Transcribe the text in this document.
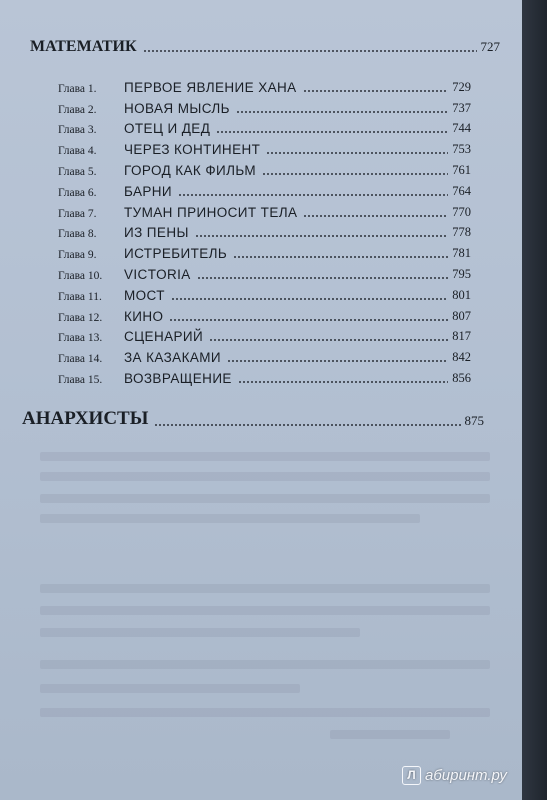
МАТЕМАТИК	727
Глава 1.	ПЕРВОЕ ЯВЛЕНИЕ ХАНА	729
Глава 2.	НОВАЯ МЫСЛЬ	737
Глава 3.	ОТЕЦ И ДЕД	744
Глава 4.	ЧЕРЕЗ КОНТИНЕНТ	753
Глава 5.	ГОРОД КАК ФИЛЬМ	761
Глава 6.	БАРНИ	764
Глава 7.	ТУМАН ПРИНОСИТ ТЕЛА	770
Глава 8.	ИЗ ПЕНЫ	778
Глава 9.	ИСТРЕБИТЕЛЬ	781
Глава 10.	VICTORIA	795
Глава 11.	МОСТ	801
Глава 12.	КИНО	807
Глава 13.	СЦЕНАРИЙ	817
Глава 14.	ЗА КАЗАКАМИ	842
Глава 15.	ВОЗВРАЩЕНИЕ	856
АНАРХИСТЫ	875
Л абиринт.ру
